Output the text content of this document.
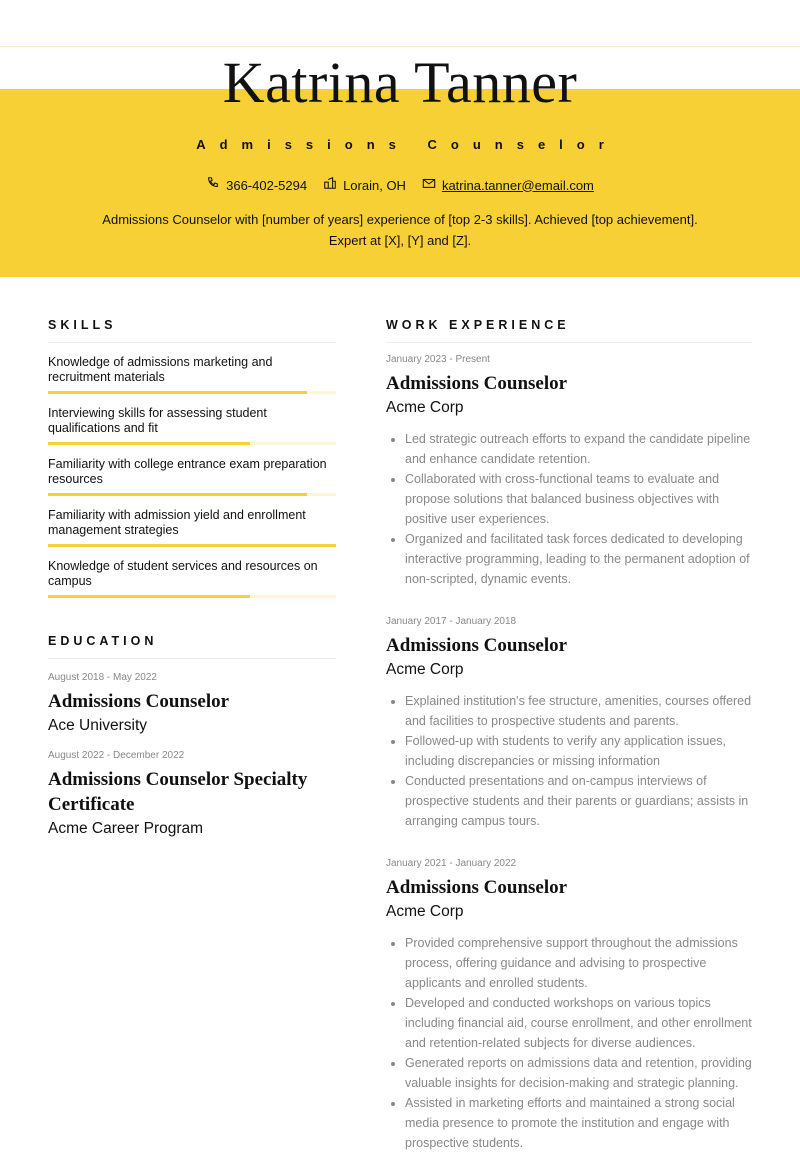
Katrina Tanner
Admissions Counselor
366-402-5294	Lorain, OH	katrina.tanner@email.com
Admissions Counselor with [number of years] experience of [top 2-3 skills]. Achieved [top achievement]. Expert at [X], [Y] and [Z].
SKILLS
Knowledge of admissions marketing and recruitment materials
Interviewing skills for assessing student qualifications and fit
Familiarity with college entrance exam preparation resources
Familiarity with admission yield and enrollment management strategies
Knowledge of student services and resources on campus
EDUCATION
August 2018 - May 2022
Admissions Counselor
Ace University
August 2022 - December 2022
Admissions Counselor Specialty Certificate
Acme Career Program
WORK EXPERIENCE
January 2023 - Present
Admissions Counselor
Acme Corp
• Led strategic outreach efforts to expand the candidate pipeline and enhance candidate retention.
• Collaborated with cross-functional teams to evaluate and propose solutions that balanced business objectives with positive user experiences.
• Organized and facilitated task forces dedicated to developing interactive programming, leading to the permanent adoption of non-scripted, dynamic events.
January 2017 - January 2018
Admissions Counselor
Acme Corp
• Explained institution's fee structure, amenities, courses offered and facilities to prospective students and parents.
• Followed-up with students to verify any application issues, including discrepancies or missing information
• Conducted presentations and on-campus interviews of prospective students and their parents or guardians; assists in arranging campus tours.
January 2021 - January 2022
Admissions Counselor
Acme Corp
• Provided comprehensive support throughout the admissions process, offering guidance and advising to prospective applicants and enrolled students.
• Developed and conducted workshops on various topics including financial aid, course enrollment, and other enrollment and retention-related subjects for diverse audiences.
• Generated reports on admissions data and retention, providing valuable insights for decision-making and strategic planning.
• Assisted in marketing efforts and maintained a strong social media presence to promote the institution and engage with prospective students.
